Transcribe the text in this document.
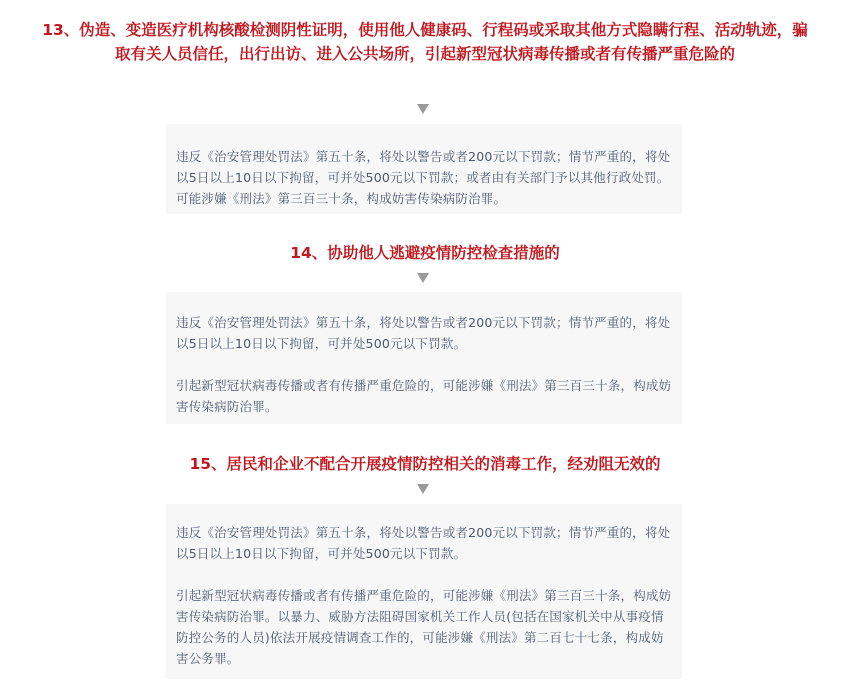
13、伪造、变造医疗机构核酸检测阴性证明，使用他人健康码、行程码或采取其他方式隐瞒行程、活动轨迹，骗取有关人员信任，出行出访、进入公共场所，引起新型冠状病毒传播或者有传播严重危险的

违反《治安管理处罚法》第五十条，将处以警告或者200元以下罚款；情节严重的，将处以5日以上10日以下拘留，可并处500元以下罚款；或者由有关部门予以其他行政处罚。可能涉嫌《刑法》第三百三十条，构成妨害传染病防治罪。

14、协助他人逃避疫情防控检查措施的

违反《治安管理处罚法》第五十条，将处以警告或者200元以下罚款；情节严重的，将处以5日以上10日以下拘留，可并处500元以下罚款。

引起新型冠状病毒传播或者有传播严重危险的，可能涉嫌《刑法》第三百三十条，构成妨害传染病防治罪。

15、居民和企业不配合开展疫情防控相关的消毒工作，经劝阻无效的

违反《治安管理处罚法》第五十条，将处以警告或者200元以下罚款；情节严重的，将处以5日以上10日以下拘留，可并处500元以下罚款。

引起新型冠状病毒传播或者有传播严重危险的，可能涉嫌《刑法》第三百三十条，构成妨害传染病防治罪。以暴力、威胁方法阻碍国家机关工作人员(包括在国家机关中从事疫情防控公务的人员)依法开展疫情调查工作的，可能涉嫌《刑法》第二百七十七条，构成妨害公务罪。
